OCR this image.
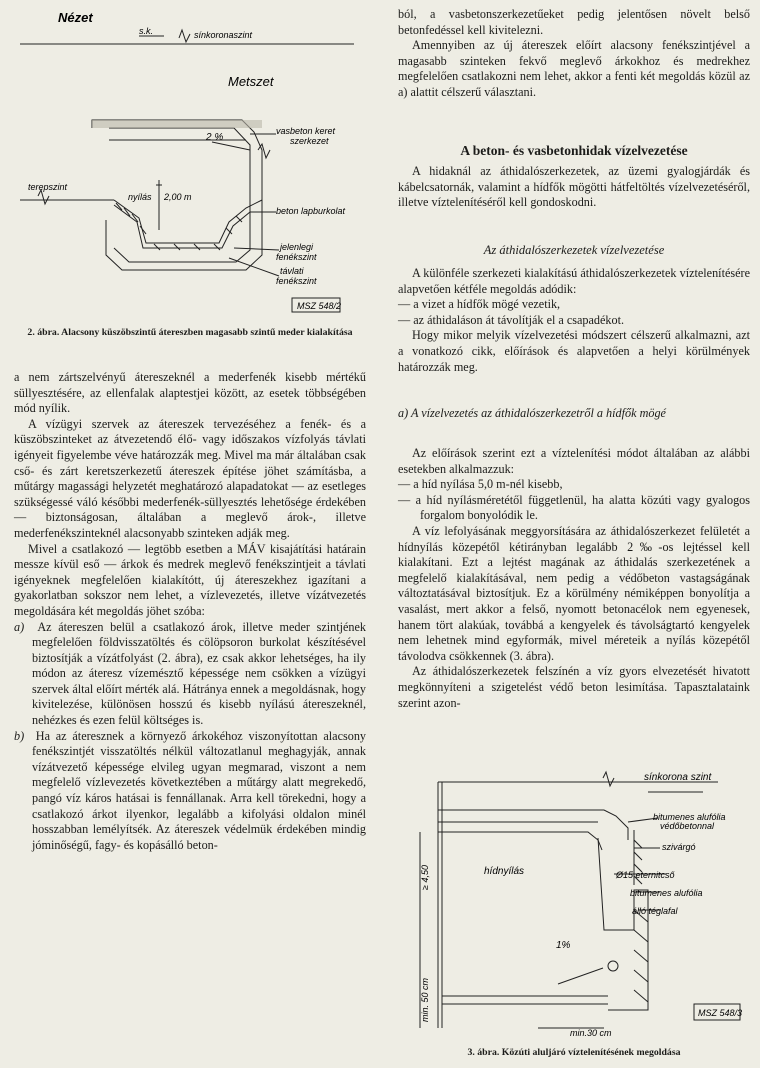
Nézet
s.k.	sínkoronaszint
Metszet
2 %
vasbeton keret
szerkezet
terepszint
nyílás 2,00 m
beton lapburkolat
jelenlegi
fenékszint
távlati
fenékszint
MSZ 548/2

2. ábra. Alacsony küszöbszintű átereszben magasabb szintű meder kialakítása

a nem zártszelvényű átereszeknél a mederfenék kisebb mértékű süllyesztésére, az ellenfalak alaptestjei között, az esetek többségében mód nyílik.

A vízügyi szervek az átereszek tervezéséhez a fenék- és a küszöbszinteket az átvezetendő élő- vagy időszakos vízfolyás távlati igényeit figyelembe véve határozzák meg. Mivel ma már általában csak cső- és zárt keretszerkezetű átereszek építése jöhet számításba, a műtárgy magassági helyzetét meghatározó alapadatokat — az esetleges szükségessé váló későbbi mederfenék-süllyesztés lehetősége érdekében — biztonságosan, általában a meglevő árok-, illetve mederfenékszinteknél alacsonyabb szinteken adják meg.

Mivel a csatlakozó — legtöbb esetben a MÁV kisajátítási határain messze kívül eső — árkok és medrek meglevő fenékszintjeit a távlati igényeknek megfelelően kialakítótt, új átereszekhez igazítani a gyakorlatban sokszor nem lehet, a vízlevezetés, illetve vízátvezetés megoldására két megoldás jöhet szóba:

a) Az átereszen belül a csatlakozó árok, illetve meder szintjének megfelelően földvisszatöltés és cölöpsoron burkolat készítésével biztosítják a vízátfolyást (2. ábra), ez csak akkor lehetséges, ha ily módon az áteresz vízemésztő képessége nem csökken a vízügyi szervek által előírt mérték alá. Hátránya ennek a megoldásnak, hogy kivitelezése, különösen hosszú és kisebb nyílású átereszeknél, nehézkes és ezen felül költséges is.

b) Ha az áteresznek a környező árkokéhoz viszonyítottan alacsony fenékszintjét visszatöltés nélkül változatlanul meghagyják, annak vízátvezető képessége elvileg ugyan megmarad, viszont a nem megfelelő vízlevezetés következtében a műtárgy alatt megrekedő, pangó víz káros hatásai is fennállanak. Arra kell törekedni, hogy a csatlakozó árkot ilyenkor, legalább a kifolyási oldalon minél hosszabban lemélyítsék. Az átereszek védelmük érdekében mindig jóminőségű, fagy- és kopásálló beton-

ból, a vasbetonszerkezetűeket pedig jelentősen növelt belső betonfedéssel kell kivitelezni.

Amennyiben az új átereszek előírt alacsony fenékszintjével a magasabb szinteken fekvő meglevő árkokhoz és medrekhez megfelelően csatlakozni nem lehet, akkor a fenti két megoldás közül az a) alattit célszerű választani.

A beton- és vasbetonhidak vízelvezetése

A hidaknál az áthidalószerkezetek, az üzemi gyalogjárdák és kábelcsatornák, valamint a hídfők mögötti hátfeltöltés vízelvezetéséről, illetve víztelenítéséről kell gondoskodni.

Az áthidalószerkezetek vízelvezetése

A különféle szerkezeti kialakítású áthidalószerkezetek víztelenítésére alapvetően kétféle megoldás adódik:

— a vizet a hídfők mögé vezetik,

— az áthidaláson át távolítják el a csapadékot.

Hogy mikor melyik vízelvezetési módszert célszerű alkalmazni, azt a vonatkozó cikk, előírások és alapvetően a helyi körülmények határozzák meg.

a) A vízelvezetés az áthidalószerkezetről a hídfők mögé

Az előírások szerint ezt a víztelenítési módot általában az alábbi esetekben alkalmazzuk:

— a híd nyílása 5,0 m-nél kisebb,

— a híd nyílásméretétől függetlenül, ha alatta közúti vagy gyalogos forgalom bonyolódik le.

A víz lefolyásának meggyorsítására az áthidalószerkezet felületét a hídnyílás közepétől kétirányban legalább 2‰-os lejtéssel kell kialakítani. Ezt a lejtést magának az áthidalás szerkezetének a megfelelő kialakításával, nem pedig a védőbeton vastagságának változtatásával biztosítjuk. Ez a körülmény némiképpen bonyolítja a vasalást, mert akkor a felső, nyomott betonacélok nem egyenesek, hanem tört alakúak, továbbá a kengyelek és távolságtartó kengyelek nem lehetnek mind egyformák, mivel méreteik a nyílás közepétől távolodva csökkennek (3. ábra).

Az áthidalószerkezetek felszínén a víz gyors elvezetését hivatott megkönnyíteni a szigetelést védő beton lesimítása. Tapasztalataink szerint azon-

sínkorona szint
bitumenes alufólia
védőbetonnal
szivárgó
hídnyílás	Ø15 eternitcső
bitumenes alufólia
álló téglafal
≥ 4,50
1%
min. 50 cm
min.30 cm
MSZ 548/3

3. ábra. Közúti aluljáró víztelenítésének megoldása
